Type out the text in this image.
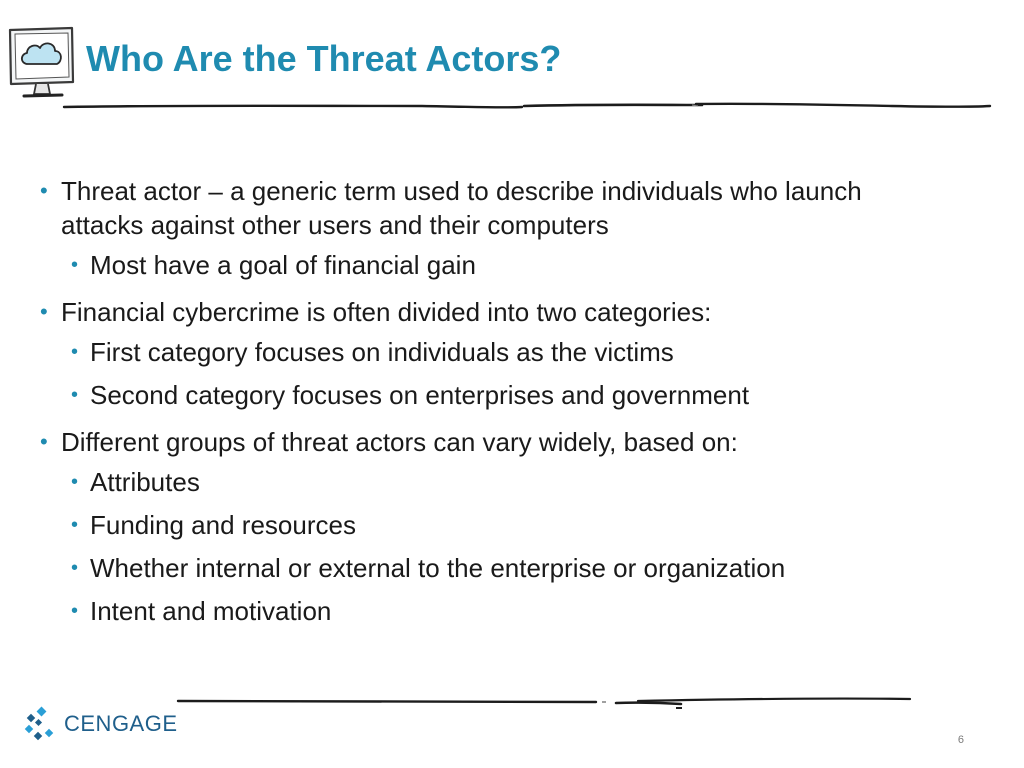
Who Are the Threat Actors?
• Threat actor – a generic term used to describe individuals who launch attacks against other users and their computers
• Most have a goal of financial gain
• Financial cybercrime is often divided into two categories:
• First category focuses on individuals as the victims
• Second category focuses on enterprises and government
• Different groups of threat actors can vary widely, based on:
• Attributes
• Funding and resources
• Whether internal or external to the enterprise or organization
• Intent and motivation
CENGAGE
6
